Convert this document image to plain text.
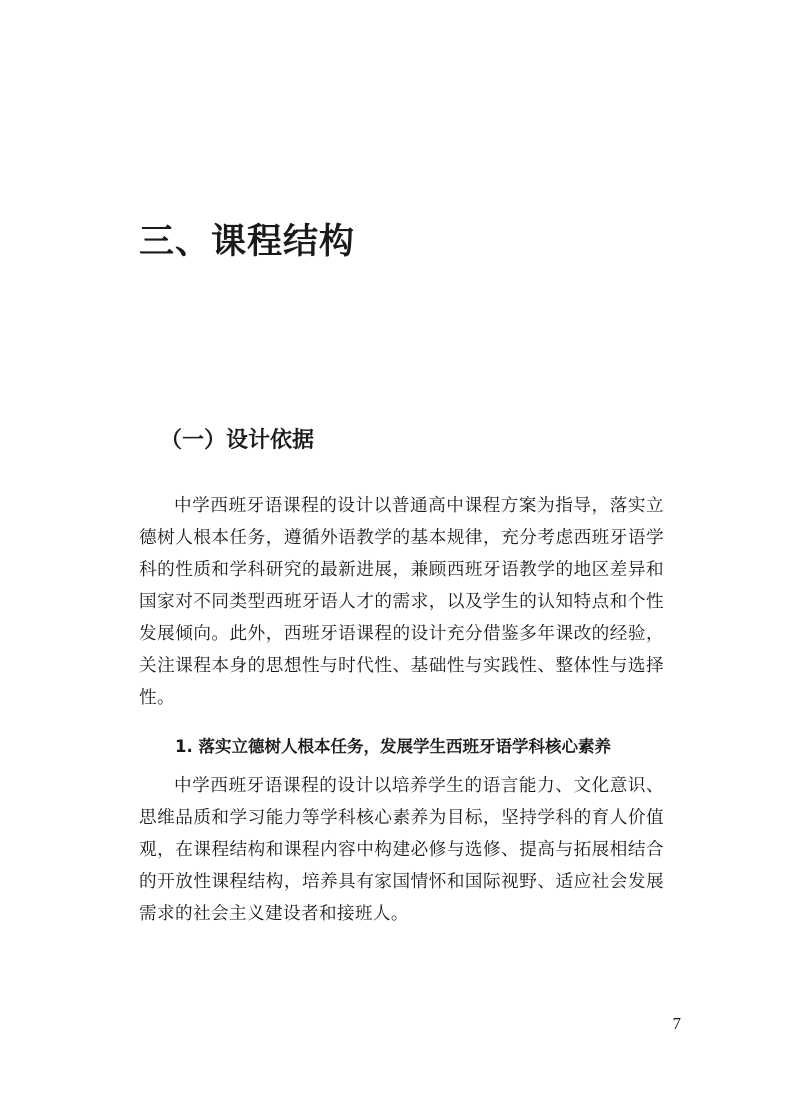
三、课程结构
（一）设计依据

中学西班牙语课程的设计以普通高中课程方案为指导，落实立德树人根本任务，遵循外语教学的基本规律，充分考虑西班牙语学科的性质和学科研究的最新进展，兼顾西班牙语教学的地区差异和国家对不同类型西班牙语人才的需求，以及学生的认知特点和个性发展倾向。此外，西班牙语课程的设计充分借鉴多年课改的经验，关注课程本身的思想性与时代性、基础性与实践性、整体性与选择性。

1. 落实立德树人根本任务，发展学生西班牙语学科核心素养

中学西班牙语课程的设计以培养学生的语言能力、文化意识、思维品质和学习能力等学科核心素养为目标，坚持学科的育人价值观，在课程结构和课程内容中构建必修与选修、提高与拓展相结合的开放性课程结构，培养具有家国情怀和国际视野、适应社会发展需求的社会主义建设者和接班人。

7
